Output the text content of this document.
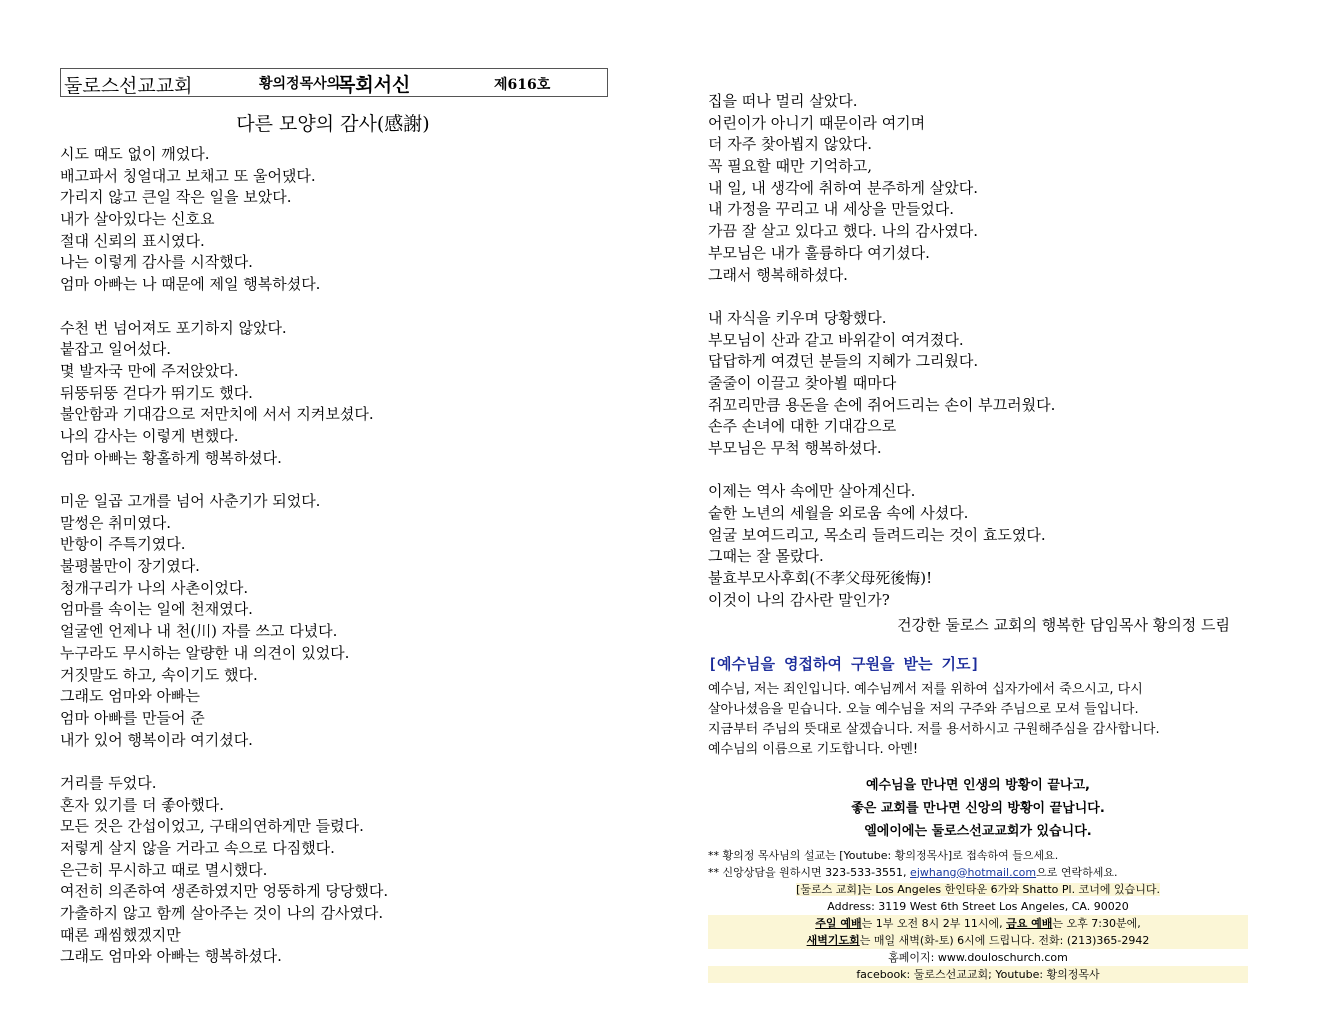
둘로스선교교회	황의정목사의
목회서신	제616호
다른 모양의 감사(感謝)
시도 때도 없이 깨었다.
배고파서 칭얼대고 보채고 또 울어댔다.
가리지 않고 큰일 작은 일을 보았다.
내가 살아있다는 신호요
절대 신뢰의 표시였다.
나는 이렇게 감사를 시작했다.
엄마 아빠는 나 때문에 제일 행복하셨다.
수천 번 넘어져도 포기하지 않았다.
붙잡고 일어섰다.
몇 발자국 만에 주저앉았다.
뒤뚱뒤뚱 걷다가 뛰기도 했다.
불안함과 기대감으로 저만치에 서서 지켜보셨다.
나의 감사는 이렇게 변했다.
엄마 아빠는 황홀하게 행복하셨다.
미운 일곱 고개를 넘어 사춘기가 되었다.
말썽은 취미였다.
반항이 주특기였다.
불평불만이 장기였다.
청개구리가 나의 사촌이었다.
엄마를 속이는 일에 천재였다.
얼굴엔 언제나 내 천(川) 자를 쓰고 다녔다.
누구라도 무시하는 알량한 내 의견이 있었다.
거짓말도 하고, 속이기도 했다.
그래도 엄마와 아빠는
엄마 아빠를 만들어 준
내가 있어 행복이라 여기셨다.
거리를 두었다.
혼자 있기를 더 좋아했다.
모든 것은 간섭이었고, 구태의연하게만 들렸다.
저렇게 살지 않을 거라고 속으로 다짐했다.
은근히 무시하고 때로 멸시했다.
여전히 의존하여 생존하였지만 엉뚱하게 당당했다.
가출하지 않고 함께 살아주는 것이 나의 감사였다.
때론 괘씸했겠지만
그래도 엄마와 아빠는 행복하셨다.
집을 떠나 멀리 살았다.
어린이가 아니기 때문이라 여기며
더 자주 찾아뵙지 않았다.
꼭 필요할 때만 기억하고,
내 일, 내 생각에 취하여 분주하게 살았다.
내 가정을 꾸리고 내 세상을 만들었다.
가끔 잘 살고 있다고 했다. 나의 감사였다.
부모님은 내가 훌륭하다 여기셨다.
그래서 행복해하셨다.
내 자식을 키우며 당황했다.
부모님이 산과 같고 바위같이 여겨졌다.
답답하게 여겼던 분들의 지혜가 그리웠다.
줄줄이 이끌고 찾아뵐 때마다
쥐꼬리만큼 용돈을 손에 쥐어드리는 손이 부끄러웠다.
손주 손녀에 대한 기대감으로
부모님은 무척 행복하셨다.
이제는 역사 속에만 살아계신다.
숱한 노년의 세월을 외로움 속에 사셨다.
얼굴 보여드리고, 목소리 들려드리는 것이 효도였다.
그때는 잘 몰랐다.
불효부모사후회(不孝父母死後悔)!
이것이 나의 감사란 말인가?
건강한 둘로스 교회의 행복한 담임목사 황의정 드림
[예수님을 영접하여 구원을 받는 기도]
예수님, 저는 죄인입니다. 예수님께서 저를 위하여 십자가에서 죽으시고, 다시
살아나셨음을 믿습니다. 오늘 예수님을 저의 구주와 주님으로 모셔 들입니다.
지금부터 주님의 뜻대로 살겠습니다. 저를 용서하시고 구원해주심을 감사합니다.
예수님의 이름으로 기도합니다. 아멘!
예수님을 만나면 인생의 방황이 끝나고,
좋은 교회를 만나면 신앙의 방황이 끝납니다.
엘에이에는 둘로스선교교회가 있습니다.
** 황의정 목사님의 설교는 [Youtube: 황의정목사]로 접속하여 들으세요.
** 신앙상담을 원하시면 323-533-3551, ejwhang@hotmail.com으로 연락하세요.
[둘로스 교회]는 Los Angeles 한인타운 6가와 Shatto Pl. 코너에 있습니다.
Address: 3119 West 6th Street Los Angeles, CA. 90020
주일 예배는 1부 오전 8시 2부 11시에, 금요 예배는 오후 7:30분에,
새벽기도회는 매일 새벽(화-토) 6시에 드립니다. 전화: (213)365-2942
홈페이지: www.douloschurch.com
facebook: 둘로스선교교회; Youtube: 황의정목사
